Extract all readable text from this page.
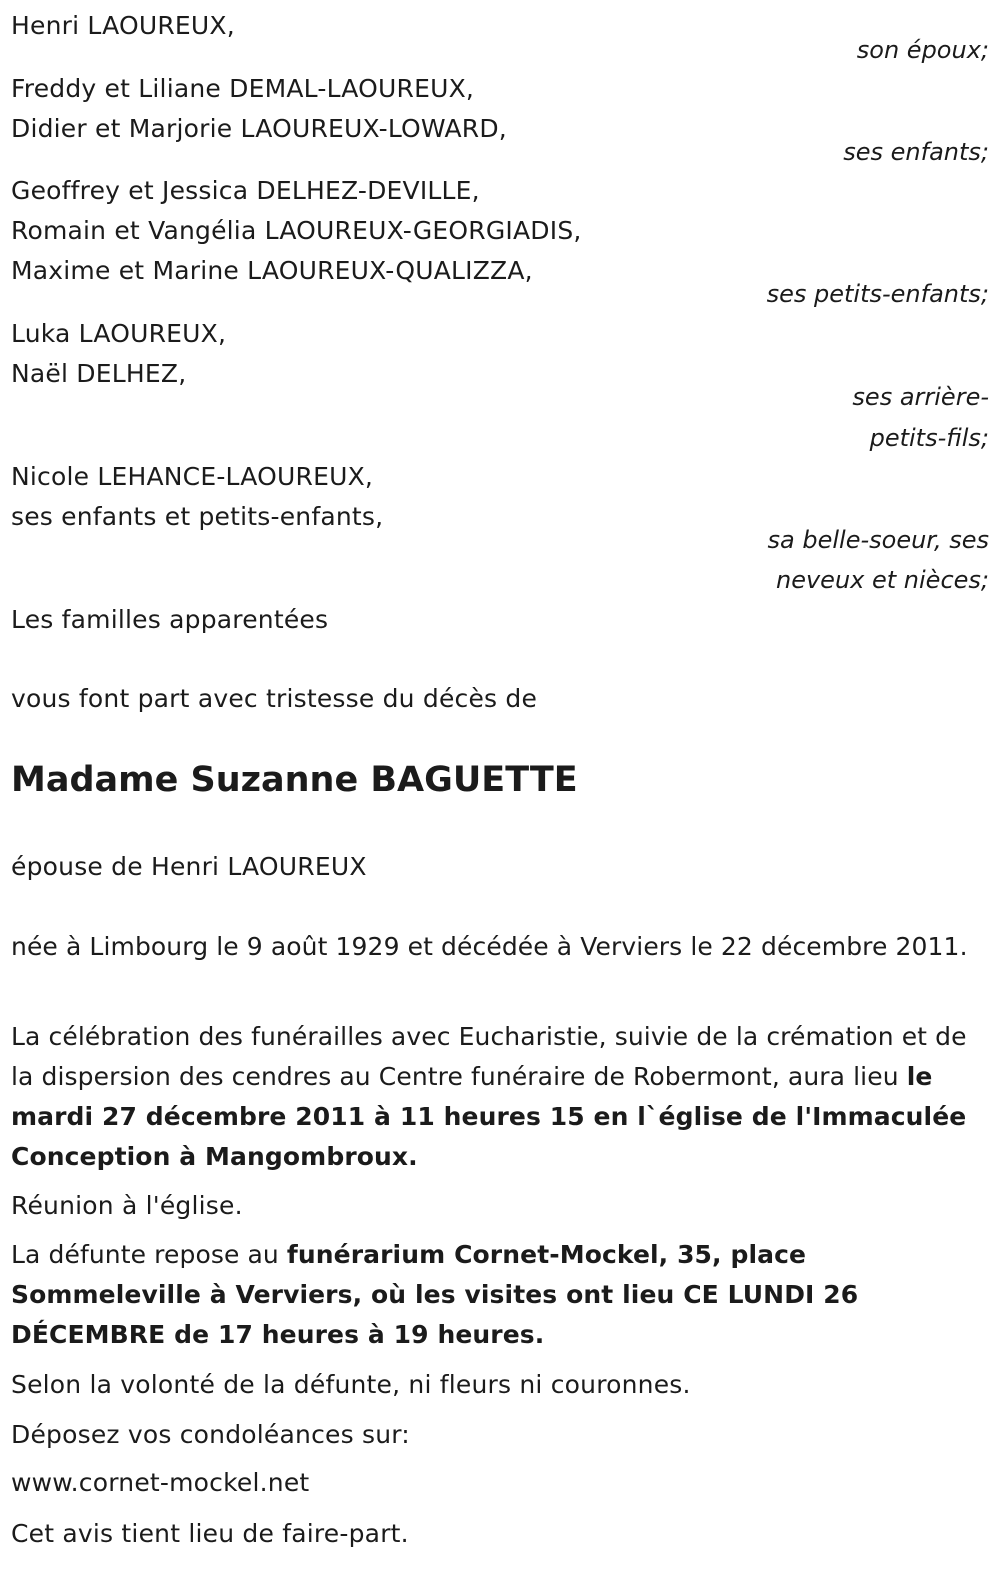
Henri LAOUREUX,
son époux;
Freddy et Liliane DEMAL-LAOUREUX,
Didier et Marjorie LAOUREUX-LOWARD,
ses enfants;
Geoffrey et Jessica DELHEZ-DEVILLE,
Romain et Vangélia LAOUREUX-GEORGIADIS,
Maxime et Marine LAOUREUX-QUALIZZA,
ses petits-enfants;
Luka LAOUREUX,
Naël DELHEZ,
ses arrière-
petits-fils;
Nicole LEHANCE-LAOUREUX,
ses enfants et petits-enfants,
sa belle-soeur, ses
neveux et nièces;
Les familles apparentées
vous font part avec tristesse du décès de
Madame Suzanne BAGUETTE
épouse de Henri LAOUREUX
née à Limbourg le 9 août 1929 et décédée à Verviers le 22 décembre 2011.
La célébration des funérailles avec Eucharistie, suivie de la crémation et de la dispersion des cendres au Centre funéraire de Robermont, aura lieu le mardi 27 décembre 2011 à 11 heures 15 en l`église de l'Immaculée Conception à Mangombroux.
Réunion à l'église.
La défunte repose au funérarium Cornet-Mockel, 35, place Sommeleville à Verviers, où les visites ont lieu CE LUNDI 26 DÉCEMBRE de 17 heures à 19 heures.
Selon la volonté de la défunte, ni fleurs ni couronnes.
Déposez vos condoléances sur:
www.cornet-mockel.net
Cet avis tient lieu de faire-part.
